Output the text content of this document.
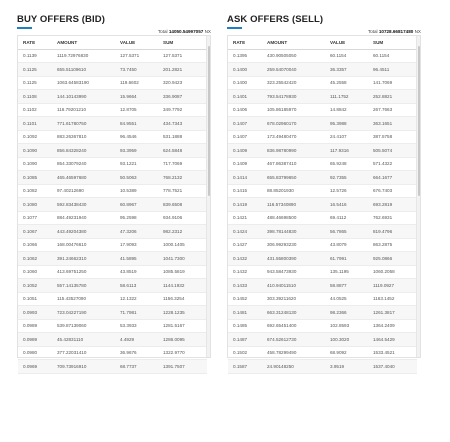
BUY OFFERS (BID)
Total 14050.54997057 NX
RATE	AMOUNT	VALUE	SUM
0.1139	1119.72976830	127.5371	127.5371
0.1125	655.51109610	73.7450	201.2821
0.1125	1063.64583190	119.6602	320.9423
0.1108	144.10143990	15.9664	336.9087
0.1102	116.79201210	12.8705	349.7792
0.1101	771.61780750	84.9551	434.7343
0.1092	883.26367810	96.4546	531.1888
0.1090	856.84328240	93.3959	624.5848
0.1090	854.33079240	93.1221	717.7069
0.1085	465.46597680	50.5063	768.2132
0.1082	97.40212690	10.5389	778.7521
0.1080	592.83438430	60.8967	839.6508
0.1077	884.49231940	95.2598	934.9106
0.1067	443.49204380	47.3206	982.2312
0.1066	168.00476610	17.9093	1000.1405
0.1062	391.24662310	41.5895	1041.7300
0.1060	413.69751250	43.8519	1085.5819
0.1052	557.14135780	58.6113	1144.1932
0.1051	115.43527090	12.1322	1156.3254
0.0993	723.04227190	71.7981	1228.1235
0.0989	539.87139060	53.3933	1281.5167
0.0989	45.42831110	4.4929	1286.0095
0.0980	377.22031410	36.9676	1322.9770
0.0969	709.73916910	68.7737	1391.7507
ASK OFFERS (SELL)
Total 10728.66817480 NX
RATE	AMOUNT	VALUE	SUM
0.1395	430.90505050	60.1154	60.1154
0.1400	259.54070040	36.3357	96.4511
0.1400	323.25542420	45.2558	141.7069
0.1401	793.54178930	111.1752	252.8821
0.1406	105.86185970	14.8842	267.7663
0.1407	678.02960170	95.3988	363.1651
0.1407	173.49480470	24.4107	387.5758
0.1409	836.98780990	117.9316	505.5074
0.1409	467.86387410	65.9248	571.4322
0.1414	655.83799650	92.7355	664.1677
0.1415	88.85201930	12.5726	676.7403
0.1419	116.57340890	16.5416	693.2819
0.1421	488.46698500	69.4112	762.6931
0.1424	398.78144830	56.7865	819.4796
0.1427	306.99293230	43.8079	863.2875
0.1432	431.55800390	61.7991	925.0866
0.1432	943.58473930	135.1195	1060.2058
0.1433	410.94011510	58.8877	1119.0927
0.1452	303.39211620	44.0525	1163.1452
0.1481	663.31248130	98.2366	1261.3817
0.1485	692.65451400	102.8593	1364.2409
0.1487	674.52612730	100.3020	1464.5429
0.1502	458.78299490	68.9092	1533.4521
0.1587	24.90148250	3.9519	1537.4040
